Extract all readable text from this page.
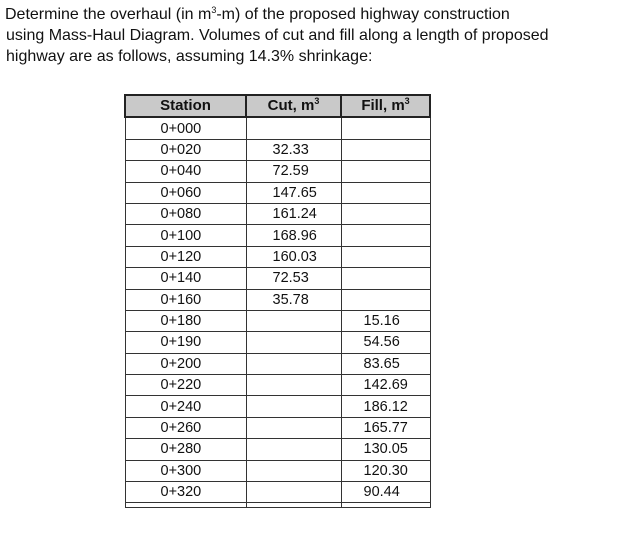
Determine the overhaul (in $m^3-m$) of the proposed highway construction
using Mass-Haul Diagram. Volumes of cut and fill along a length of proposed
highway are as follows, assuming 14.3% shrinkage:

Station	Cut, $m^3$	Fill, $m^3$
0+000		
0+020	32.33	
0+040	72.59	
0+060	147.65	
0+080	161.24	
0+100	168.96	
0+120	160.03	
0+140	72.53	
0+160	35.78	
0+180		15.16
0+190		54.56
0+200		83.65
0+220		142.69
0+240		186.12
0+260		165.77
0+280		130.05
0+300		120.30
0+320		90.44
